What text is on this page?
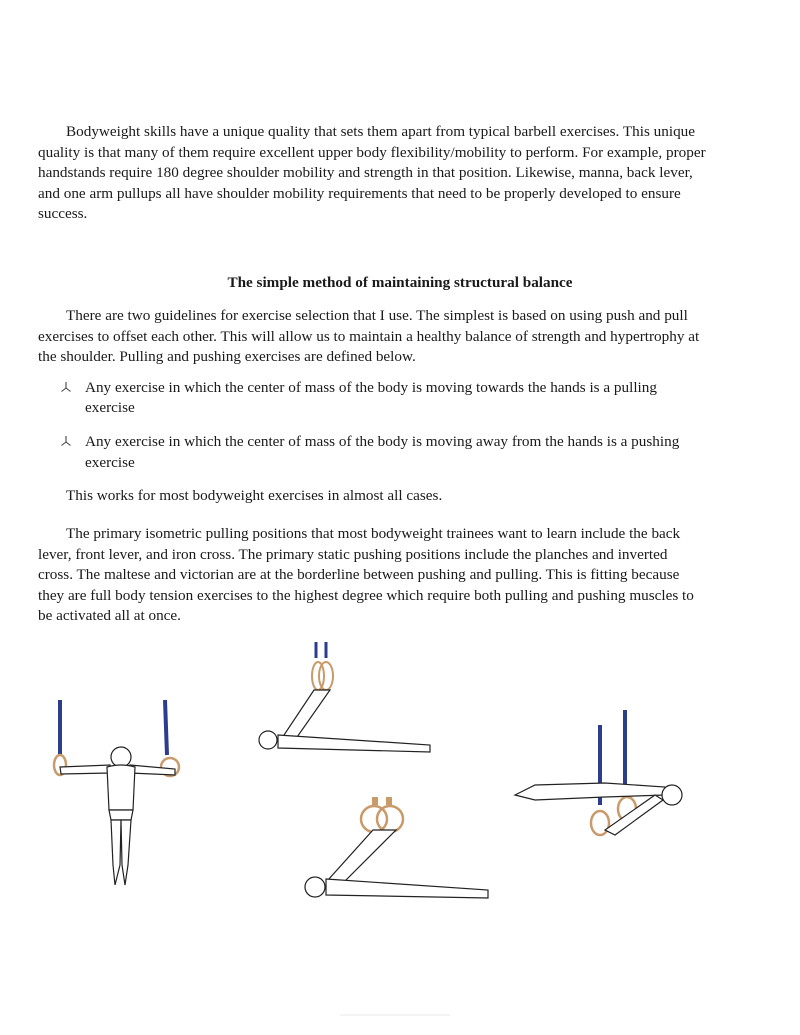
Bodyweight skills have a unique quality that sets them apart from typical barbell exercises. This unique quality is that many of them require excellent upper body flexibility/mobility to perform. For example, proper handstands require 180 degree shoulder mobility and strength in that position. Likewise, manna, back lever, and one arm pullups all have shoulder mobility requirements that need to be properly developed to ensure success.

The simple method of maintaining structural balance

There are two guidelines for exercise selection that I use. The simplest is based on using push and pull exercises to offset each other. This will allow us to maintain a healthy balance of strength and hypertrophy at the shoulder. Pulling and pushing exercises are defined below.

Any exercise in which the center of mass of the body is moving towards the hands is a pulling exercise
Any exercise in which the center of mass of the body is moving away from the hands is a pushing exercise

This works for most bodyweight exercises in almost all cases.

The primary isometric pulling positions that most bodyweight trainees want to learn include the back lever, front lever, and iron cross. The primary static pushing positions include the planches and inverted cross. The maltese and victorian are at the borderline between pushing and pulling. This is fitting because they are full body tension exercises to the highest degree which require both pulling and pushing muscles to be activated all at once.
